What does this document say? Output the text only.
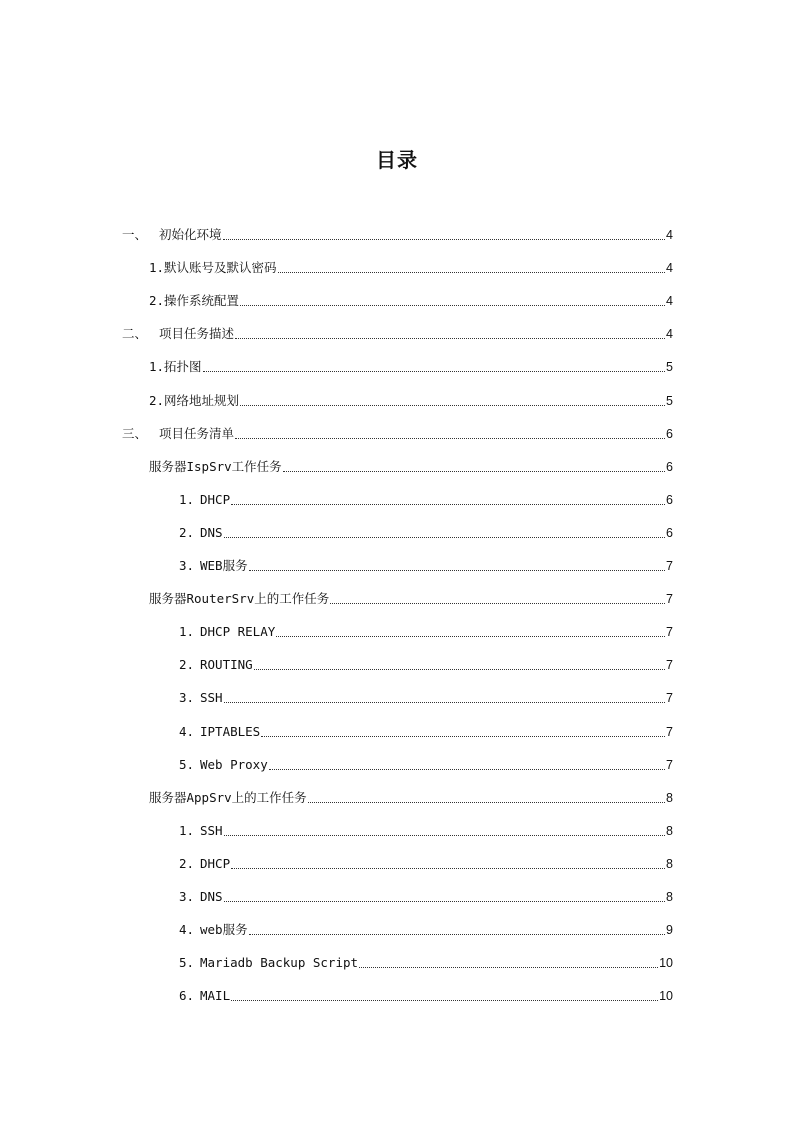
目录
一、 初始化环境	4
1.默认账号及默认密码	4
2.操作系统配置	4
二、 项目任务描述	4
1.拓扑图	5
2.网络地址规划	5
三、 项目任务清单	6
服务器IspSrv工作任务	6
1. DHCP	6
2. DNS	6
3. WEB服务	7
服务器RouterSrv上的工作任务	7
1. DHCP RELAY	7
2. ROUTING	7
3. SSH	7
4. IPTABLES	7
5. Web Proxy	7
服务器AppSrv上的工作任务	8
1. SSH	8
2. DHCP	8
3. DNS	8
4. web服务	9
5. Mariadb Backup Script	10
6. MAIL	10
